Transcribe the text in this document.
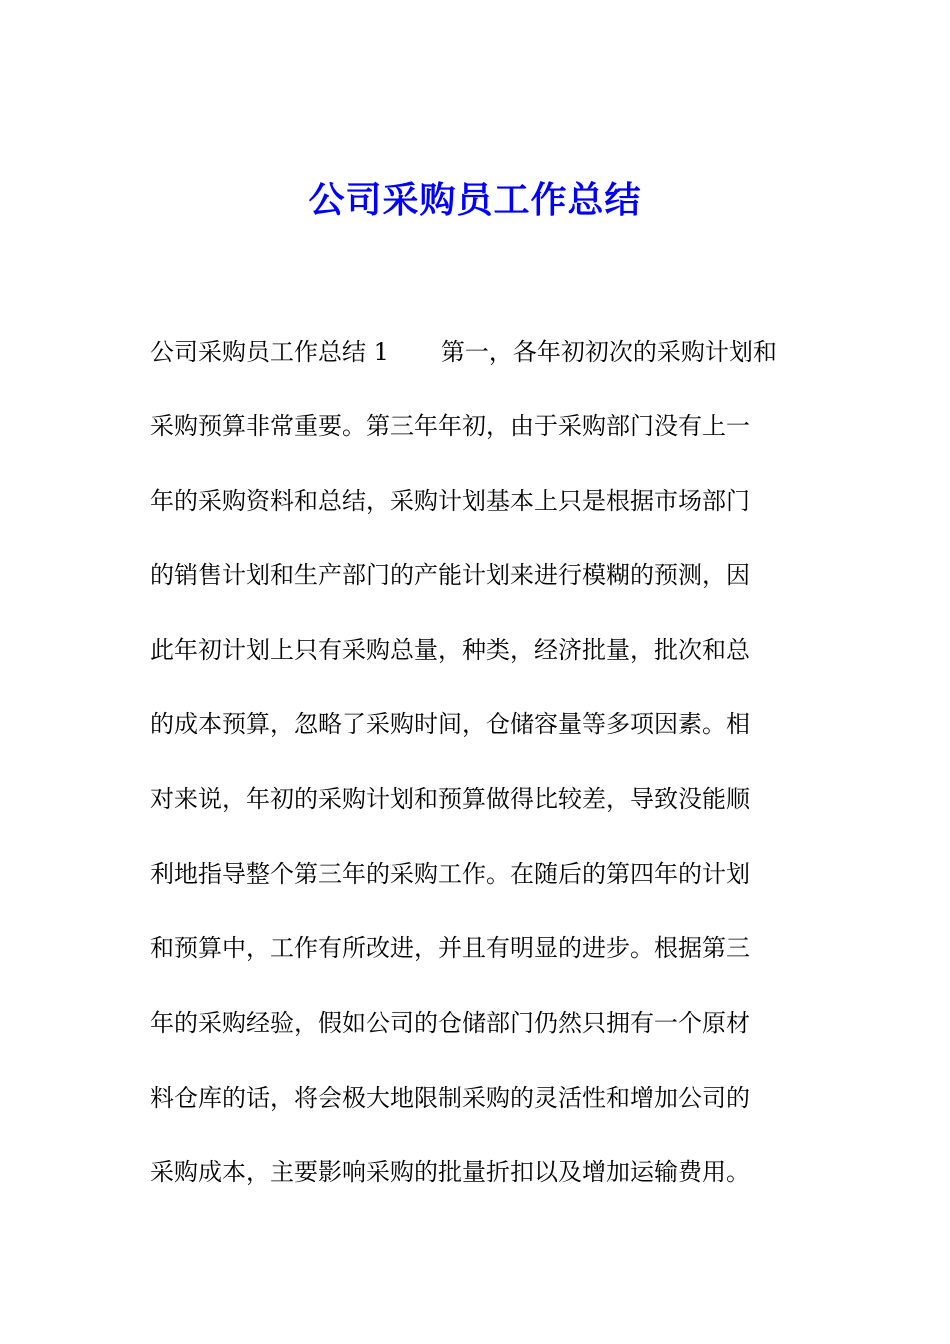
公司采购员工作总结
公司采购员工作总结 1 第一，各年初初次的采购计划和
采购预算非常重要。第三年年初，由于采购部门没有上一
年的采购资料和总结，采购计划基本上只是根据市场部门
的销售计划和生产部门的产能计划来进行模糊的预测，因
此年初计划上只有采购总量，种类，经济批量，批次和总
的成本预算，忽略了采购时间，仓储容量等多项因素。相
对来说，年初的采购计划和预算做得比较差，导致没能顺
利地指导整个第三年的采购工作。在随后的第四年的计划
和预算中，工作有所改进，并且有明显的进步。根据第三
年的采购经验，假如公司的仓储部门仍然只拥有一个原材
料仓库的话，将会极大地限制采购的灵活性和增加公司的
采购成本，主要影响采购的批量折扣以及增加运输费用。
